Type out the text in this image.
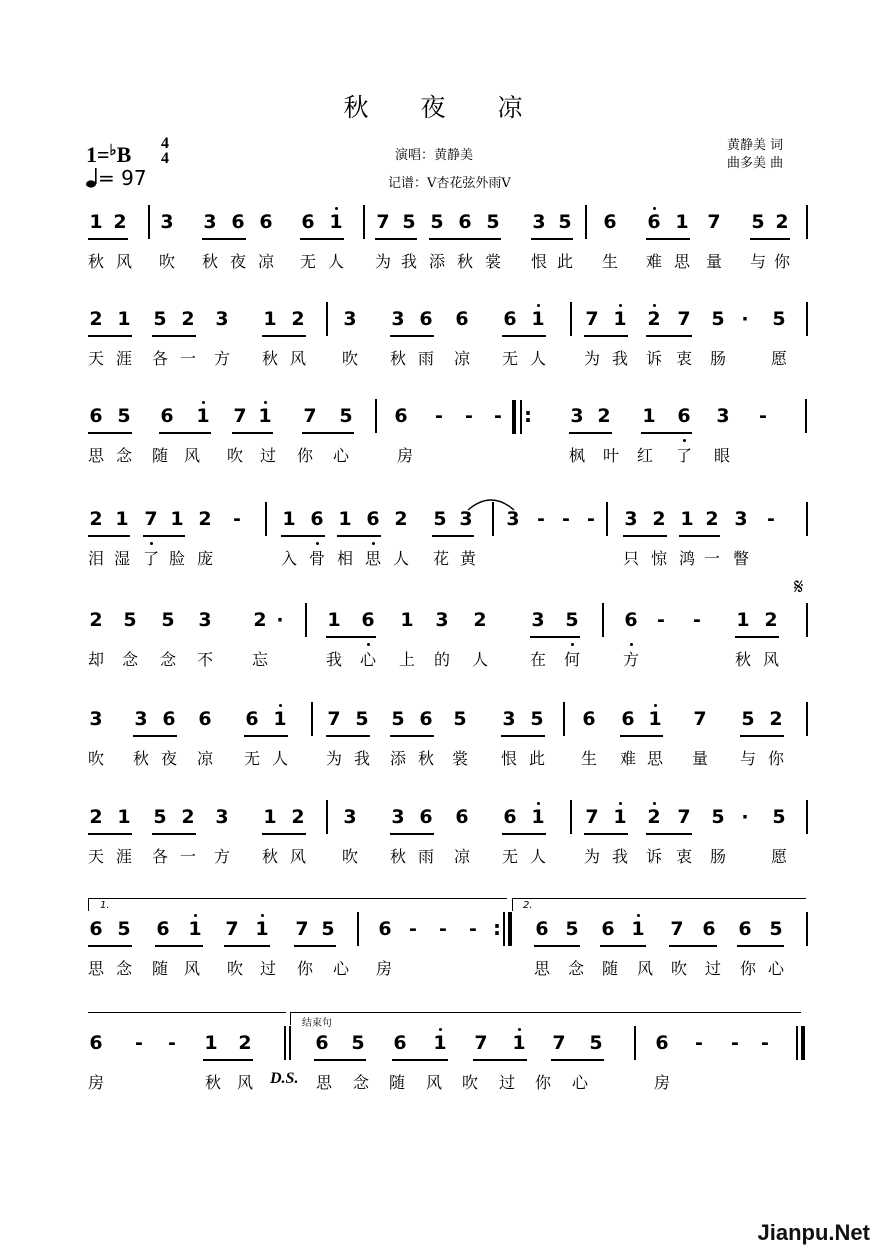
秋 夜 凉
1=♭B 4
4
= 97
演唱：黄静美
记谱：V杏花弦外雨V
黄静美 词
曲多美 曲
𝄋
1 2 3 3 6 6 6 1 7 5 5 6 5 3 5 6 6 1 7 5 2
秋 风 吹 秋 夜 凉 无 人 为 我 添 秋 裳 恨 此 生 难 思 量 与 你
2 1 5 2 3 1 2 3 3 6 6 6 1 7 1 2 7 5 · 5
天 涯 各 一 方 秋 风 吹 秋 雨 凉 无 人 为 我 诉 衷 肠	愿
6 5 6 1 7 1 7 5 6 - - -	3 2 1 6 3 -
思 念 随 风 吹 过 你 心	房	枫 叶 红 了 眼
2 1 7 1 2 - 1 6 1 6 2 5 3 3 - - - 3 2 1 2 3 -
泪 湿 了 脸 庞	入 骨 相 思 人 花 黄	只 惊 鸿 一 瞥
2 5 5 3 2 · 1 6 1 3 2 3 5 6 - - 1 2
却 念 念 不 忘	我 心 上 的 人	在 何	方	秋 风
3 3 6 6 6 1 7 5 5 6 5 3 5 6 6 1 7 5 2
吹 秋 夜 凉 无 人 为 我 添 秋 裳 恨 此 生 难 思 量 与 你
2 1 5 2 3 1 2 3 3 6 6 6 1 7 1 2 7 5 · 5
天 涯 各 一 方 秋 风 吹 秋 雨 凉 无 人 为 我 诉 衷 肠	愿
6 5 6 1 7 1 7 5 6 - - -	6 5 6 1 7 6 6 5
思 念 随 风 吹 过 你 心 房	思 念 随 风 吹 过 你 心
6 - - 1 2	6 5 6 1 7 1 7 5	6 - - -
房	秋 风	思 念 随 风 吹 过 你 心	房
Jianpu.Net
:
1.	2.
:
结束句
D.S.
